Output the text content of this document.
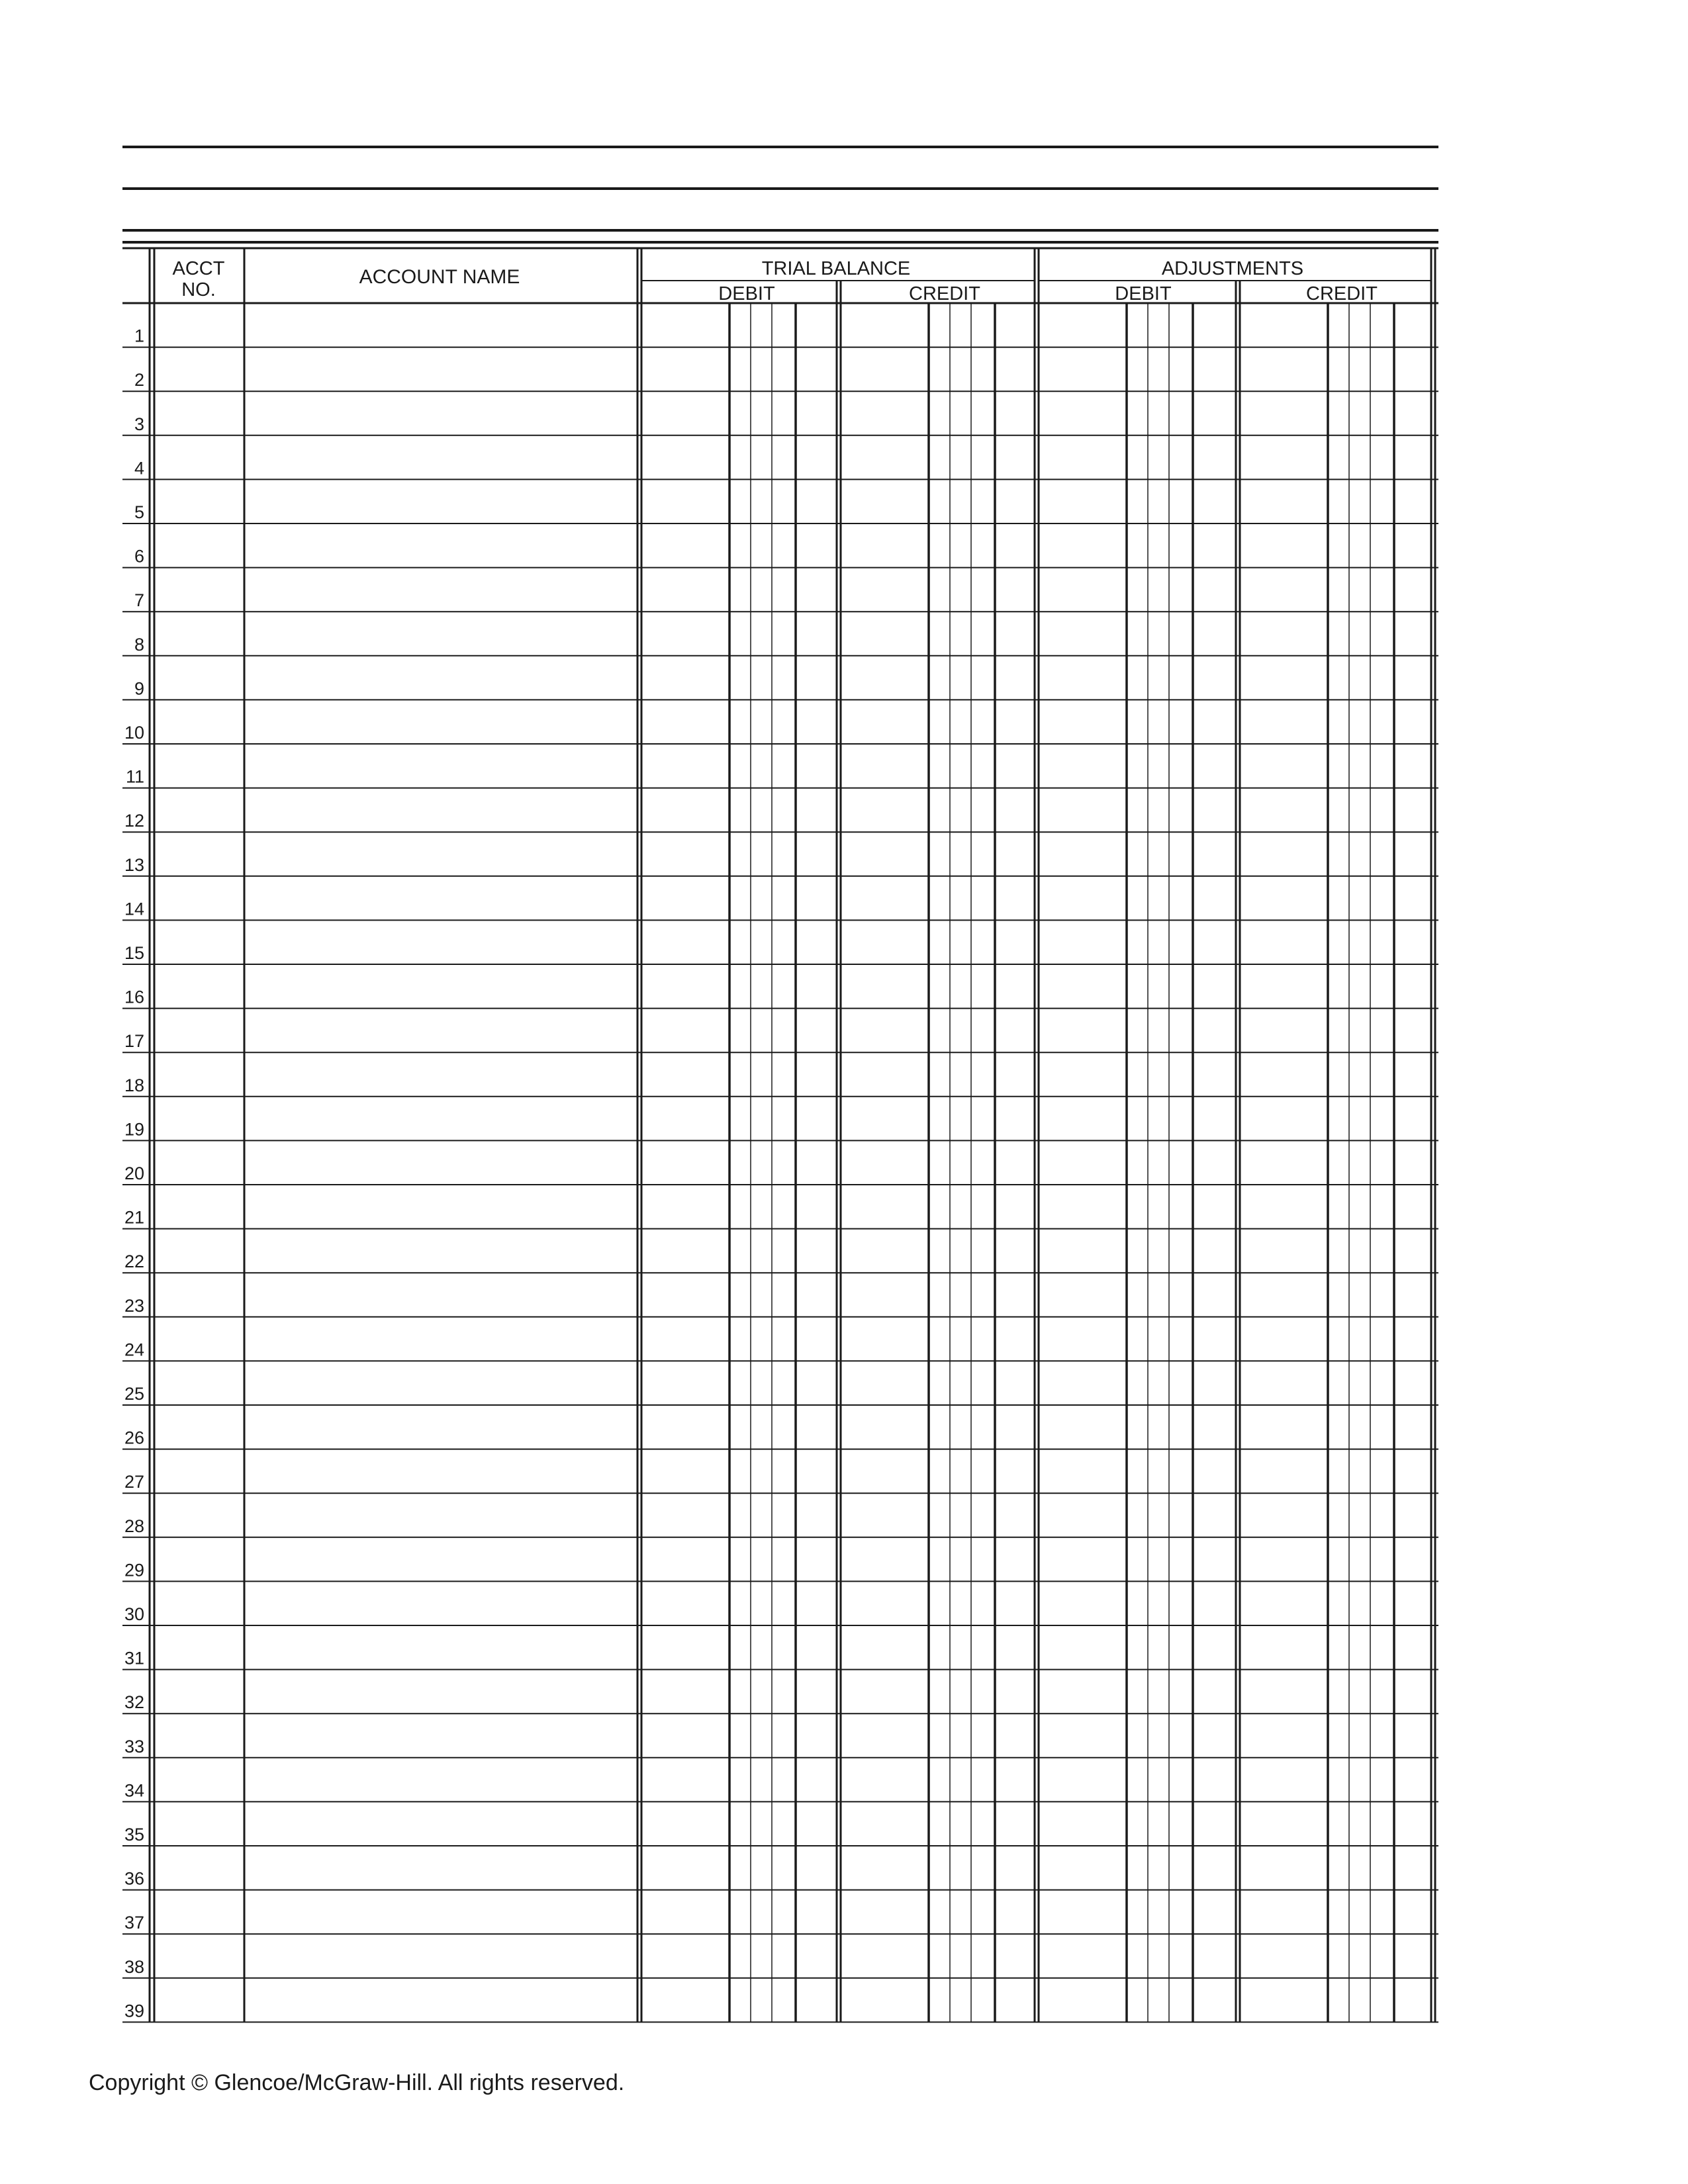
ACCT
NO.
ACCOUNT NAME	TRIAL BALANCE	ADJUSTMENTS
DEBIT	CREDIT	DEBIT	CREDIT
1
2
3
4
5
6
7
8
9
10
11
12
13
14
15
16
17
18
19
20
21
22
23
24
25
26
27
28
29
30
31
32
33
34
35
36
37
38
39
Copyright © Glencoe/McGraw-Hill. All rights reserved.
